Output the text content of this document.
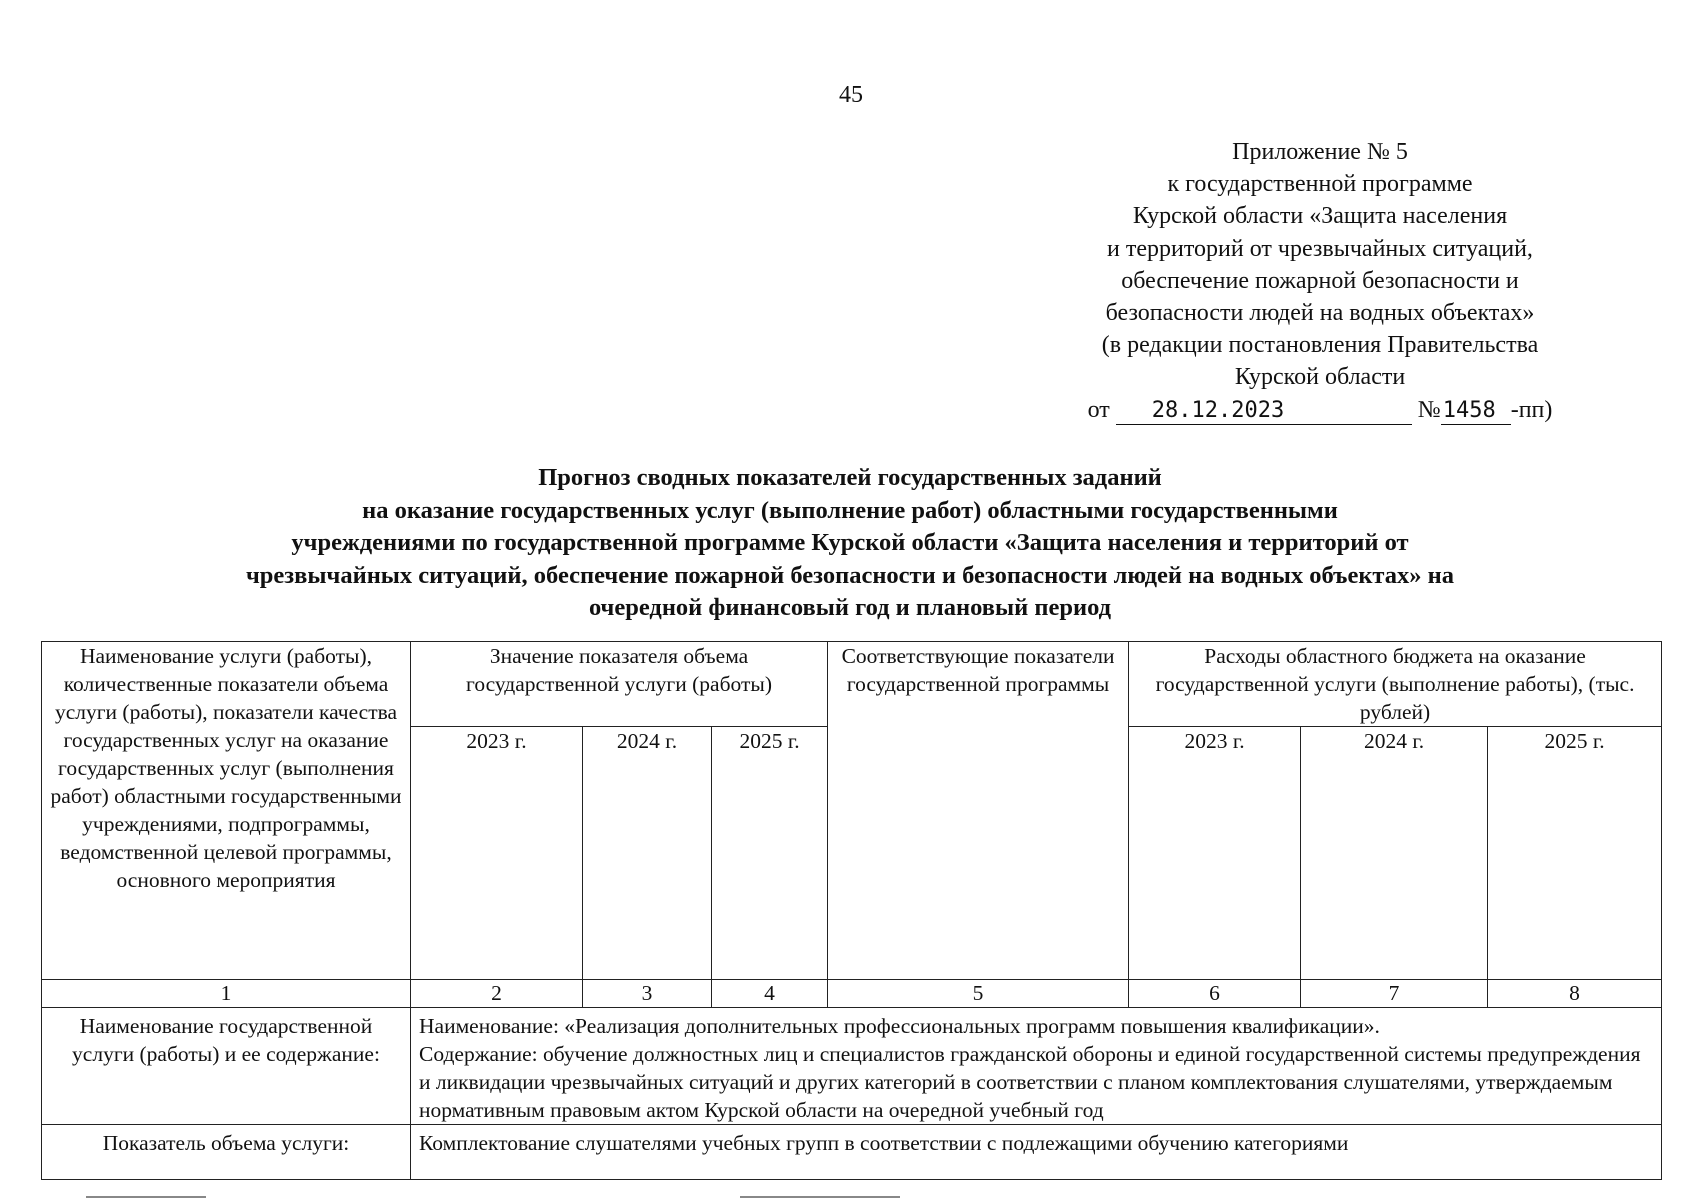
45
Приложение № 5
к государственной программе
Курской области «Защита населения
и территорий от чрезвычайных ситуаций,
обеспечение пожарной безопасности и
безопасности людей на водных объектах»
(в редакции постановления Правительства
Курской области
от 28.12.2023	№1458 -пп)
Прогноз сводных показателей государственных заданий
на оказание государственных услуг (выполнение работ) областными государственными
учреждениями по государственной программе Курской области «Защита населения и территорий от
чрезвычайных ситуаций, обеспечение пожарной безопасности и безопасности людей на водных объектах» на
очередной финансовый год и плановый период
Наименование услуги (работы), количественные показатели объема услуги (работы), показатели качества государственных услуг на оказание государственных услуг (выполнения работ) областными государственными учреждениями, подпрограммы, ведомственной целевой программы, основного мероприятия	Значение показателя объема государственной услуги (работы)			Соответствующие показатели государственной программы	Расходы областного бюджета на оказание государственной услуги (выполнение работы), (тыс. рублей)		
	2023 г.	2024 г.	2025 г.		2023 г.	2024 г.	2025 г.
1	2	3	4	5	6	7	8
Наименование государственной услуги (работы) и ее содержание:	Наименование: «Реализация дополнительных профессиональных программ повышения квалификации».
Содержание: обучение должностных лиц и специалистов гражданской обороны и единой государственной системы предупреждения и ликвидации чрезвычайных ситуаций и других категорий в соответствии с планом комплектования слушателями, утверждаемым нормативным правовым актом Курской области на очередной учебный год						

Показатель объема услуги:	Комплектование слушателями учебных групп в соответствии с подлежащими обучению категориями						
